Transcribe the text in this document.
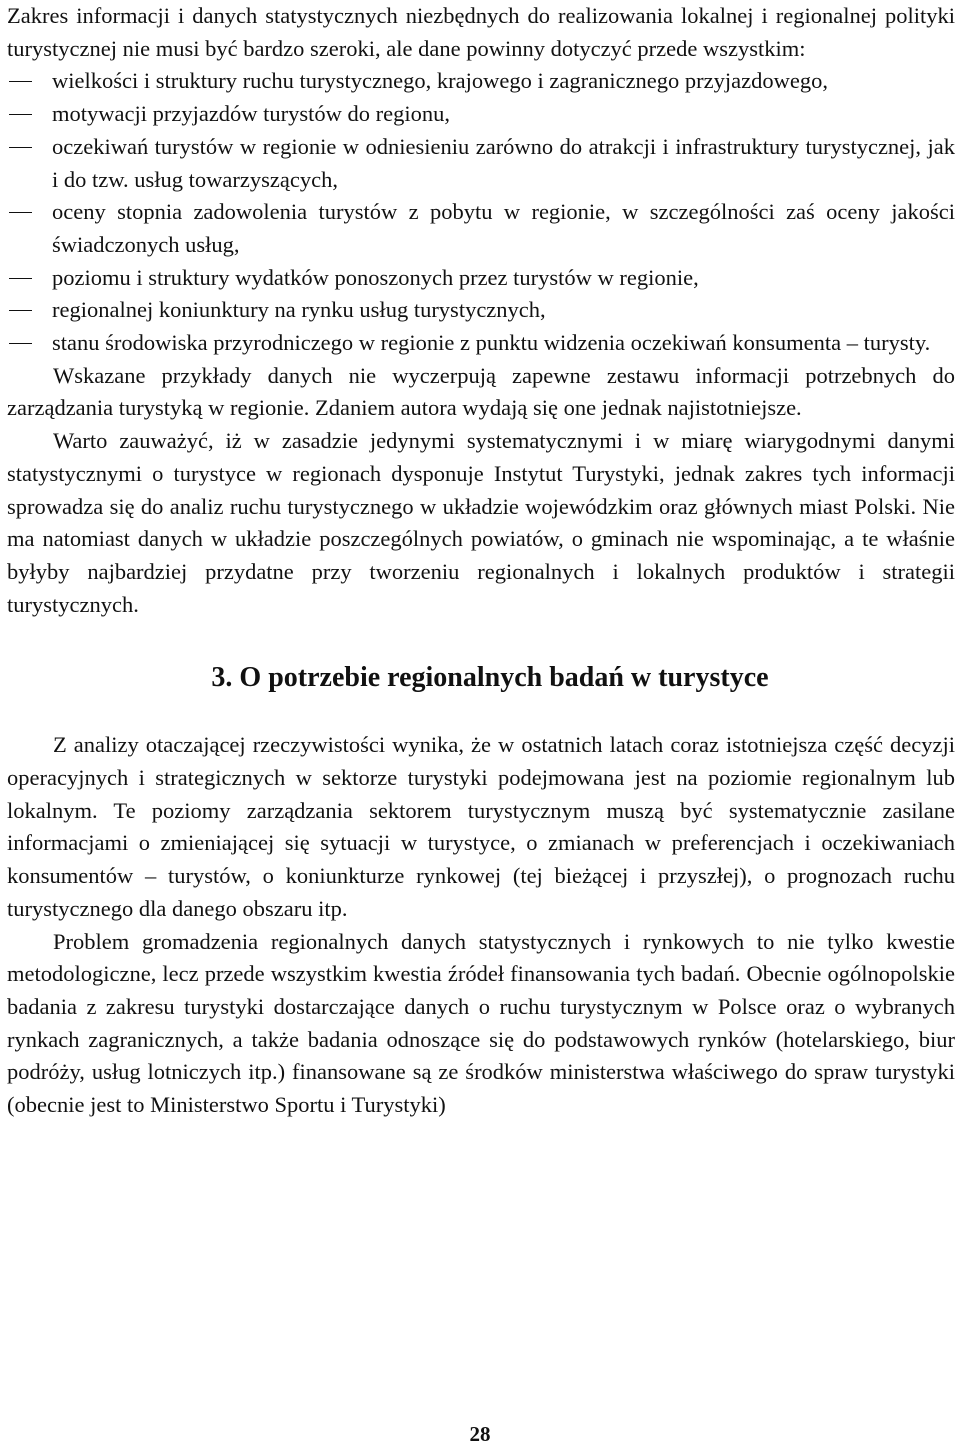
Zakres informacji i danych statystycznych niezbędnych do realizowania lokalnej i regionalnej polityki turystycznej nie musi być bardzo szeroki, ale dane powinny dotyczyć przede wszystkim:

wielkości i struktury ruchu turystycznego, krajowego i zagranicznego przyjazdowego,
motywacji przyjazdów turystów do regionu,
oczekiwań turystów w regionie w odniesieniu zarówno do atrakcji i infrastruktury turystycznej, jak i do tzw. usług towarzyszących,
oceny stopnia zadowolenia turystów z pobytu w regionie, w szczególności zaś oceny jakości świadczonych usług,
poziomu i struktury wydatków ponoszonych przez turystów w regionie,
regionalnej koniunktury na rynku usług turystycznych,
stanu środowiska przyrodniczego w regionie z punktu widzenia oczekiwań konsumenta – turysty.

Wskazane przykłady danych nie wyczerpują zapewne zestawu informacji potrzebnych do zarządzania turystyką w regionie. Zdaniem autora wydają się one jednak najistotniejsze.

Warto zauważyć, iż w zasadzie jedynymi systematycznymi i w miarę wiarygodnymi danymi statystycznymi o turystyce w regionach dysponuje Instytut Turystyki, jednak zakres tych informacji sprowadza się do analiz ruchu turystycznego w układzie wojewódzkim oraz głównych miast Polski. Nie ma natomiast danych w układzie poszczególnych powiatów, o gminach nie wspominając, a te właśnie byłyby najbardziej przydatne przy tworzeniu regionalnych i lokalnych produktów i strategii turystycznych.

3. O potrzebie regionalnych badań w turystyce

Z analizy otaczającej rzeczywistości wynika, że w ostatnich latach coraz istotniejsza część decyzji operacyjnych i strategicznych w sektorze turystyki podejmowana jest na poziomie regionalnym lub lokalnym. Te poziomy zarządzania sektorem turystycznym muszą być systematycznie zasilane informacjami o zmieniającej się sytuacji w turystyce, o zmianach w preferencjach i oczekiwaniach konsumentów – turystów, o koniunkturze rynkowej (tej bieżącej i przyszłej), o prognozach ruchu turystycznego dla danego obszaru itp.

Problem gromadzenia regionalnych danych statystycznych i rynkowych to nie tylko kwestie metodologiczne, lecz przede wszystkim kwestia źródeł finansowania tych badań. Obecnie ogólnopolskie badania z zakresu turystyki dostarczające danych o ruchu turystycznym w Polsce oraz o wybranych rynkach zagranicznych, a także badania odnoszące się do podstawowych rynków (hotelarskiego, biur podróży, usług lotniczych itp.) finansowane są ze środków ministerstwa właściwego do spraw turystyki (obecnie jest to Ministerstwo Sportu i Turystyki)

28
